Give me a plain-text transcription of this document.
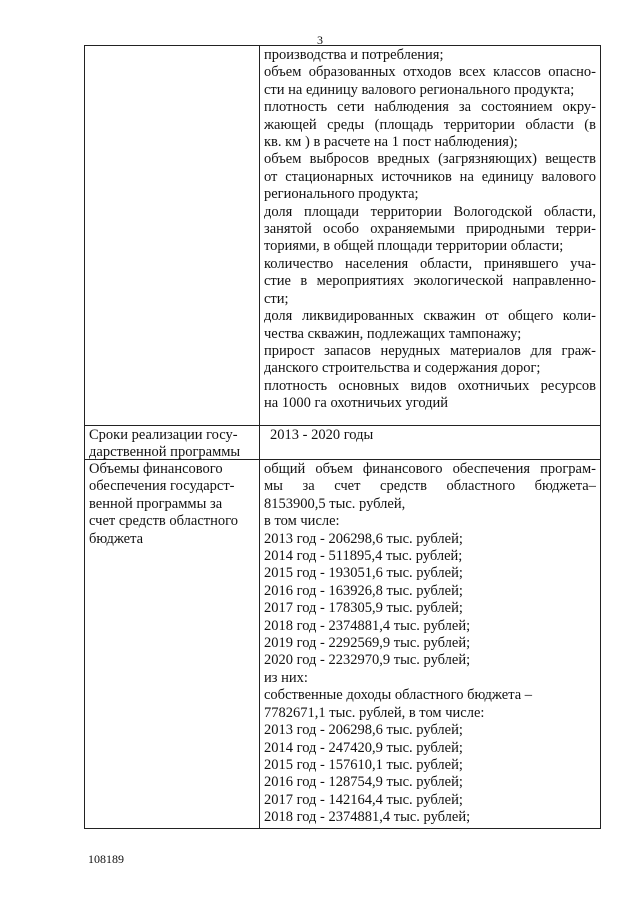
3
производства и потребления;
объем образованных отходов всех классов опасно-
сти на единицу валового регионального продукта;
плотность сети наблюдения за состоянием окру-
жающей среды (площадь территории области (в
кв. км ) в расчете на 1 пост наблюдения);
объем выбросов вредных (загрязняющих) веществ
от стационарных источников на единицу валового
регионального продукта;
доля площади территории Вологодской области,
занятой особо охраняемыми природными терри-
ториями, в общей площади территории области;
количество населения области, принявшего уча-
стие в мероприятиях экологической направленно-
сти;
доля ликвидированных скважин от общего коли-
чества скважин, подлежащих тампонажу;
прирост запасов нерудных материалов для граж-
данского строительства и содержания дорог;
плотность основных видов охотничьих ресурсов
на 1000 га охотничьих угодий
Сроки реализации госу-
дарственной программы
2013 - 2020 годы
Объемы финансового
обеспечения государст-
венной программы за
счет средств областного
бюджета
общий объем финансового обеспечения програм-
мы за счет средств областного бюджета–
8153900,5 тыс. рублей,
в том числе:
2013 год - 206298,6 тыс. рублей;
2014 год - 511895,4 тыс. рублей;
2015 год - 193051,6 тыс. рублей;
2016 год - 163926,8 тыс. рублей;
2017 год - 178305,9 тыс. рублей;
2018 год - 2374881,4 тыс. рублей;
2019 год - 2292569,9 тыс. рублей;
2020 год - 2232970,9 тыс. рублей;
из них:
собственные доходы областного бюджета –
7782671,1 тыс. рублей, в том числе:
2013 год - 206298,6 тыс. рублей;
2014 год - 247420,9 тыс. рублей;
2015 год - 157610,1 тыс. рублей;
2016 год - 128754,9 тыс. рублей;
2017 год - 142164,4 тыс. рублей;
2018 год - 2374881,4 тыс. рублей;
108189
